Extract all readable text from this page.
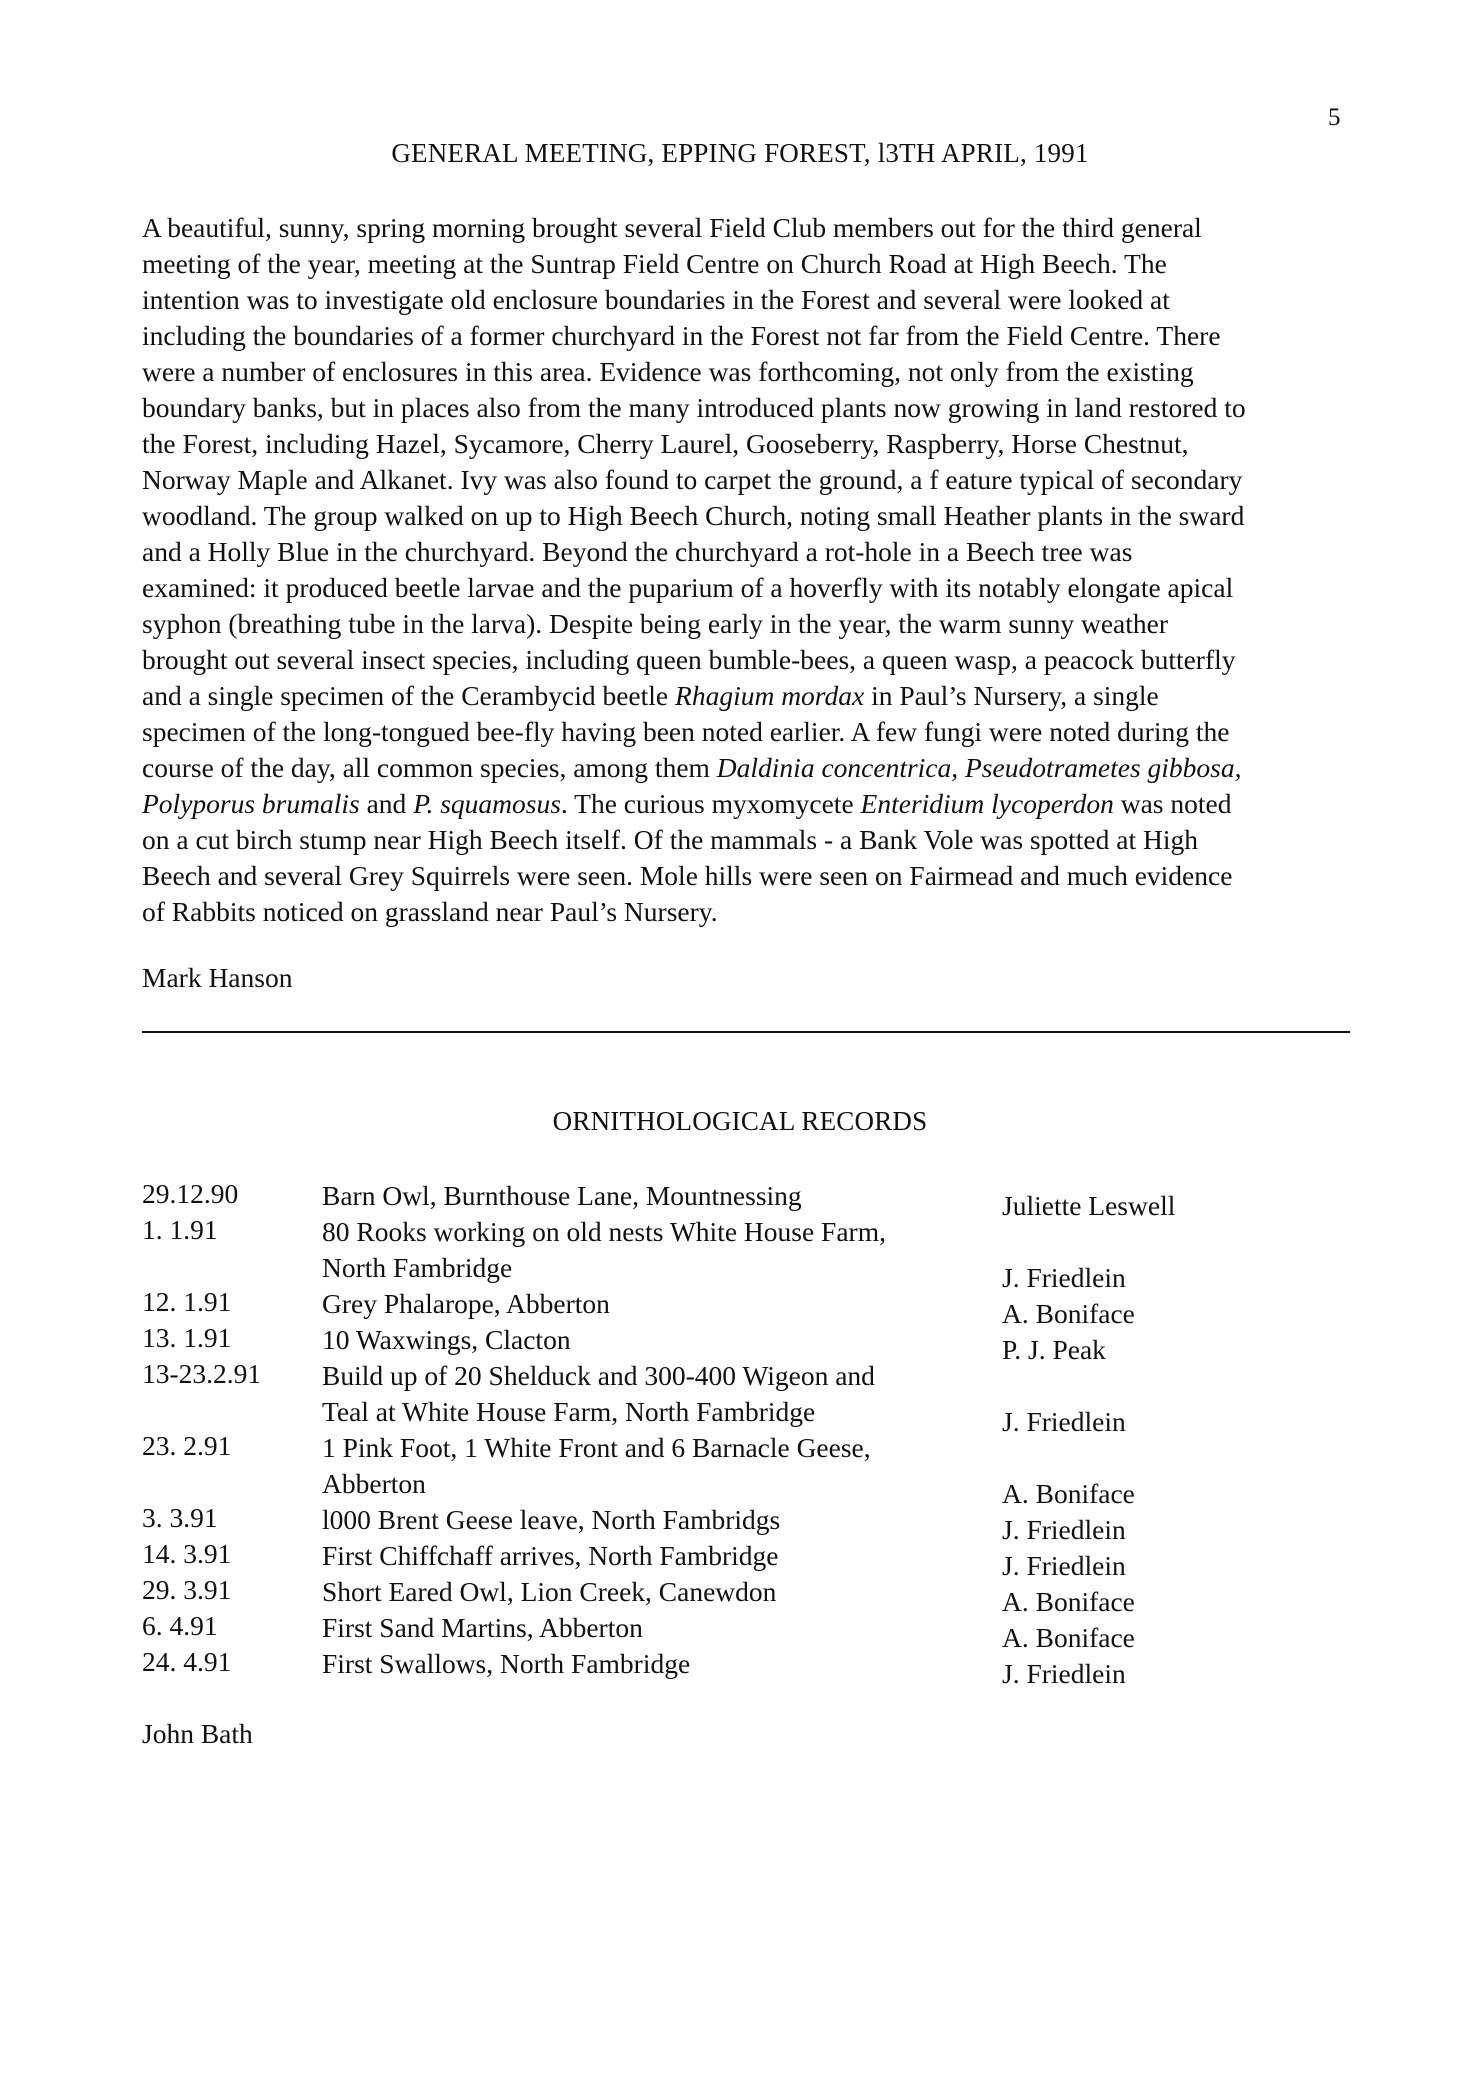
5
GENERAL MEETING, EPPING FOREST, l3TH APRIL, 1991
A beautiful, sunny, spring morning brought several Field Club members out for the third general
meeting of the year, meeting at the Suntrap Field Centre on Church Road at High Beech. The
intention was to investigate old enclosure boundaries in the Forest and several were looked at
including the boundaries of a former churchyard in the Forest not far from the Field Centre. There
were a number of enclosures in this area. Evidence was forthcoming, not only from the existing
boundary banks, but in places also from the many introduced plants now growing in land restored to
the Forest, including Hazel, Sycamore, Cherry Laurel, Gooseberry, Raspberry, Horse Chestnut,
Norway Maple and Alkanet. Ivy was also found to carpet the ground, a f eature typical of secondary
woodland. The group walked on up to High Beech Church, noting small Heather plants in the sward
and a Holly Blue in the churchyard. Beyond the churchyard a rot-hole in a Beech tree was
examined: it produced beetle larvae and the puparium of a hoverfly with its notably elongate apical
syphon (breathing tube in the larva). Despite being early in the year, the warm sunny weather
brought out several insect species, including queen bumble-bees, a queen wasp, a peacock butterfly
and a single specimen of the Cerambycid beetle Rhagium mordax in Paul’s Nursery, a single
specimen of the long-tongued bee-fly having been noted earlier. A few fungi were noted during the
course of the day, all common species, among them Daldinia concentrica, Pseudotrametes gibbosa,
Polyporus brumalis and P. squamosus. The curious myxomycete Enteridium lycoperdon was noted
on a cut birch stump near High Beech itself. Of the mammals - a Bank Vole was spotted at High
Beech and several Grey Squirrels were seen. Mole hills were seen on Fairmead and much evidence
of Rabbits noticed on grassland near Paul’s Nursery.
Mark Hanson
ORNITHOLOGICAL RECORDS
29.12.90	Barn Owl, Burnthouse Lane, Mountnessing	Juliette Leswell
1. 1.91	80 Rooks working on old nests White House Farm,
North Fambridge	J. Friedlein
12. 1.91	Grey Phalarope, Abberton	A. Boniface
13. 1.91	10 Waxwings, Clacton	P. J. Peak
13-23.2.91 Build up of 20 Shelduck and 300-400 Wigeon and
Teal at White House Farm, North Fambridge	J. Friedlein
23. 2.91	1 Pink Foot, 1 White Front and 6 Barnacle Geese,
Abberton	A. Boniface
3. 3.91	l000 Brent Geese leave, North Fambridgs	J. Friedlein
14. 3.91	First Chiffchaff arrives, North Fambridge	J. Friedlein
29. 3.91	Short Eared Owl, Lion Creek, Canewdon	A. Boniface
6. 4.91	First Sand Martins, Abberton	A. Boniface
24. 4.91	First Swallows, North Fambridge	J. Friedlein
John Bath
